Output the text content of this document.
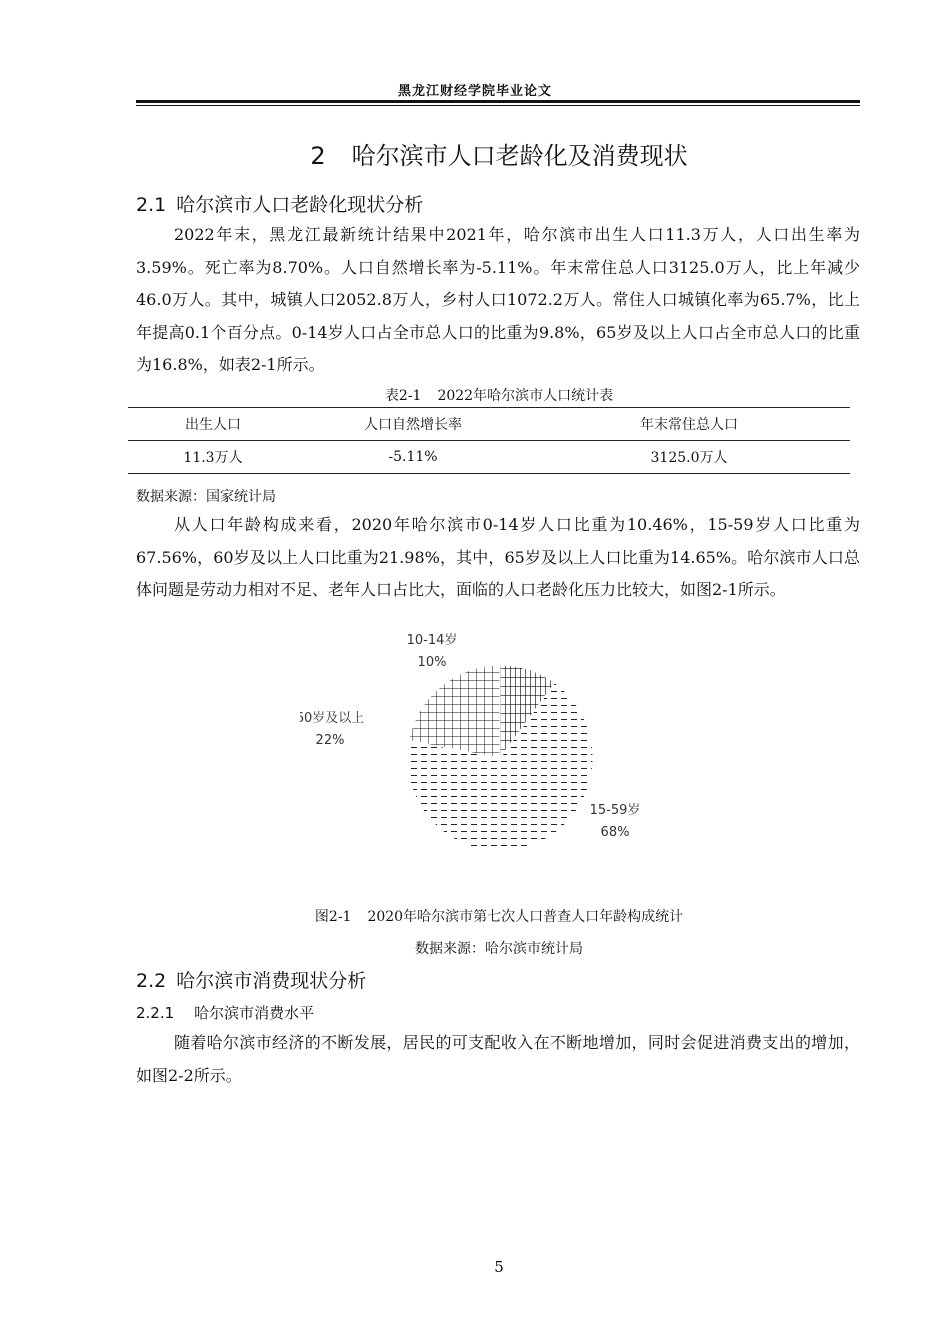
黑龙江财经学院毕业论文
2 哈尔滨市人口老龄化及消费现状
2.1 哈尔滨市人口老龄化现状分析
2022年末，黑龙江最新统计结果中2021年，哈尔滨市出生人口11.3万人，人口出生率为3.59%。死亡率为8.70%。人口自然增长率为-5.11%。年末常住总人口3125.0万人，比上年减少46.0万人。其中，城镇人口2052.8万人，乡村人口1072.2万人。常住人口城镇化率为65.7%，比上年提高0.1个百分点。0-14岁人口占全市总人口的比重为9.8%，65岁及以上人口占全市总人口的比重为16.8%，如表2-1所示。
表2-1 2022年哈尔滨市人口统计表
出生人口	人口自然增长率	年末常住总人口
11.3万人	-5.11%	3125.0万人
数据来源：国家统计局
从人口年龄构成来看，2020年哈尔滨市0-14岁人口比重为10.46%，15-59岁人口比重为67.56%，60岁及以上人口比重为21.98%，其中，65岁及以上人口比重为14.65%。哈尔滨市人口总体问题是劳动力相对不足、老年人口占比大，面临的人口老龄化压力比较大，如图2-1所示。
10-14岁
10%
15-59岁
68%
60岁及以上
22%
图2-1 2020年哈尔滨市第七次人口普查人口年龄构成统计
数据来源：哈尔滨市统计局
2.2 哈尔滨市消费现状分析
2.2.1 哈尔滨市消费水平
随着哈尔滨市经济的不断发展，居民的可支配收入在不断地增加，同时会促进消费支出的增加，如图2-2所示。
5
